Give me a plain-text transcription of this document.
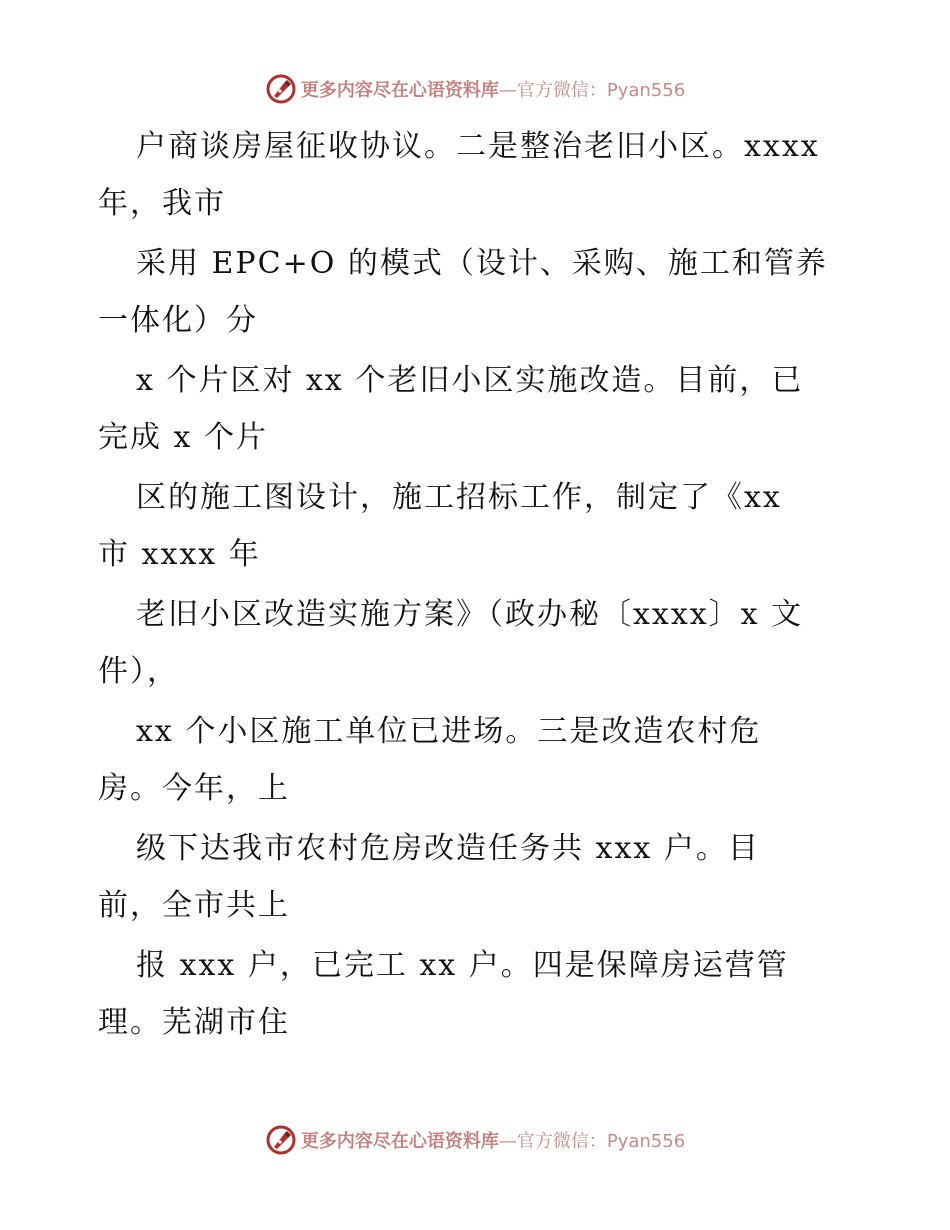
更多内容尽在心语资料库—官方微信：Pyan556
户商谈房屋征收协议。二是整治老旧小区。xxxx
年，我市
采用 EPC+O 的模式（设计、采购、施工和管养
一体化）分
x 个片区对 xx 个老旧小区实施改造。目前，已
完成 x 个片
区的施工图设计，施工招标工作，制定了《xx
市 xxxx 年
老旧小区改造实施方案》（政办秘〔xxxx〕x 文
件），
xx 个小区施工单位已进场。三是改造农村危
房。今年，上
级下达我市农村危房改造任务共 xxx 户。目
前，全市共上
报 xxx 户，已完工 xx 户。四是保障房运营管
理。芜湖市住
更多内容尽在心语资料库—官方微信：Pyan556
